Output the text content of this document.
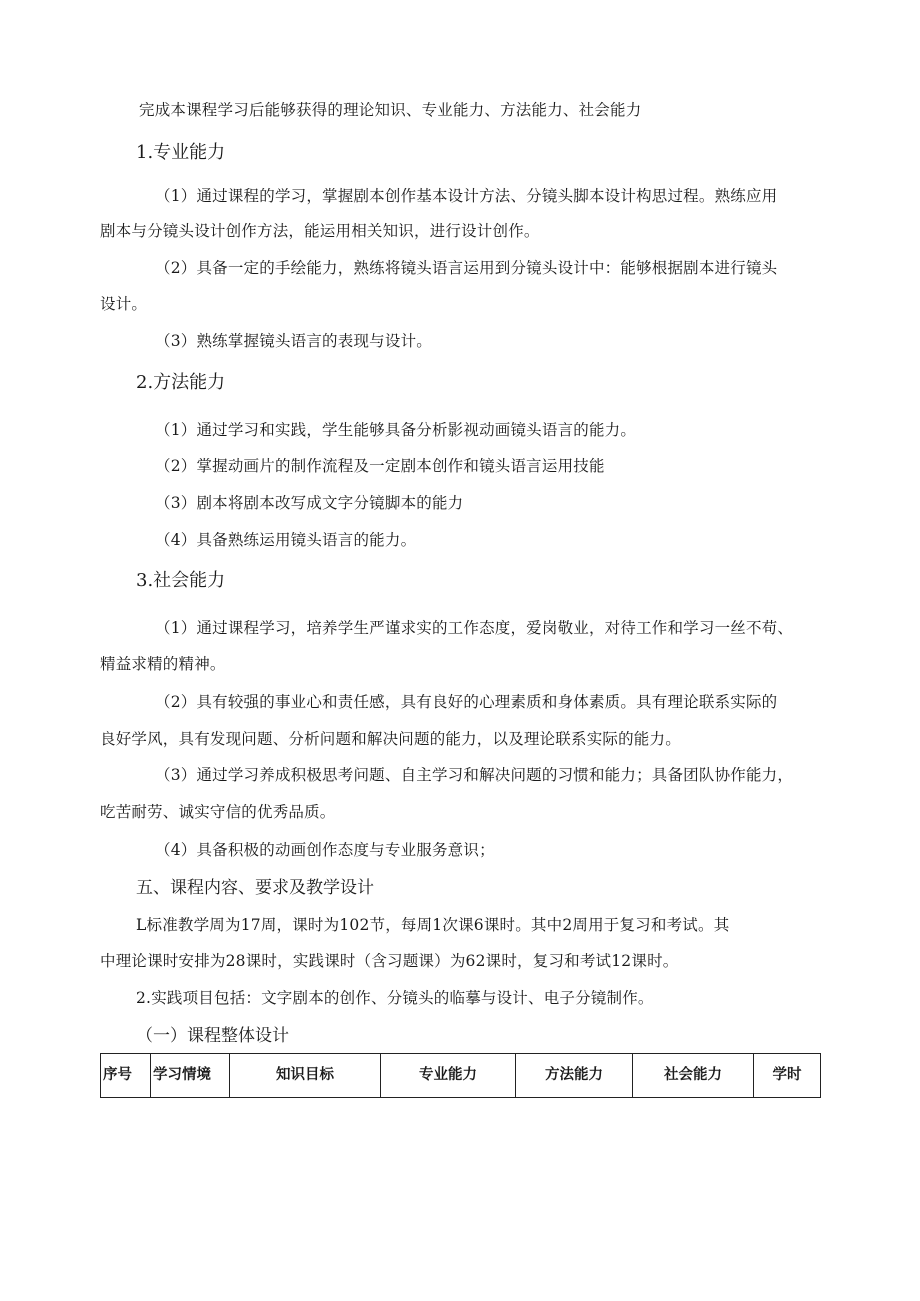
完成本课程学习后能够获得的理论知识、专业能力、方法能力、社会能力
1.专业能力
（1）通过课程的学习，掌握剧本创作基本设计方法、分镜头脚本设计构思过程。熟练应用
剧本与分镜头设计创作方法，能运用相关知识，进行设计创作。
（2）具备一定的手绘能力，熟练将镜头语言运用到分镜头设计中：能够根据剧本进行镜头
设计。
（3）熟练掌握镜头语言的表现与设计。
2.方法能力
（1）通过学习和实践，学生能够具备分析影视动画镜头语言的能力。
（2）掌握动画片的制作流程及一定剧本创作和镜头语言运用技能
（3）剧本将剧本改写成文字分镜脚本的能力
（4）具备熟练运用镜头语言的能力。
3.社会能力
（1）通过课程学习，培养学生严谨求实的工作态度，爱岗敬业，对待工作和学习一丝不苟、
精益求精的精神。
（2）具有较强的事业心和责任感，具有良好的心理素质和身体素质。具有理论联系实际的
良好学风，具有发现问题、分析问题和解决问题的能力，以及理论联系实际的能力。
（3）通过学习养成积极思考问题、自主学习和解决问题的习惯和能力；具备团队协作能力，
吃苦耐劳、诚实守信的优秀品质。
（4）具备积极的动画创作态度与专业服务意识；
五、课程内容、要求及教学设计
L标准教学周为17周，课时为102节，每周1次课6课时。其中2周用于复习和考试。其
中理论课时安排为28课时，实践课时（含习题课）为62课时，复习和考试12课时。
2.实践项目包括：文字剧本的创作、分镜头的临摹与设计、电子分镜制作。
（一）课程整体设计
序号	学习情境	知识目标	专业能力	方法能力	社会能力	学时
